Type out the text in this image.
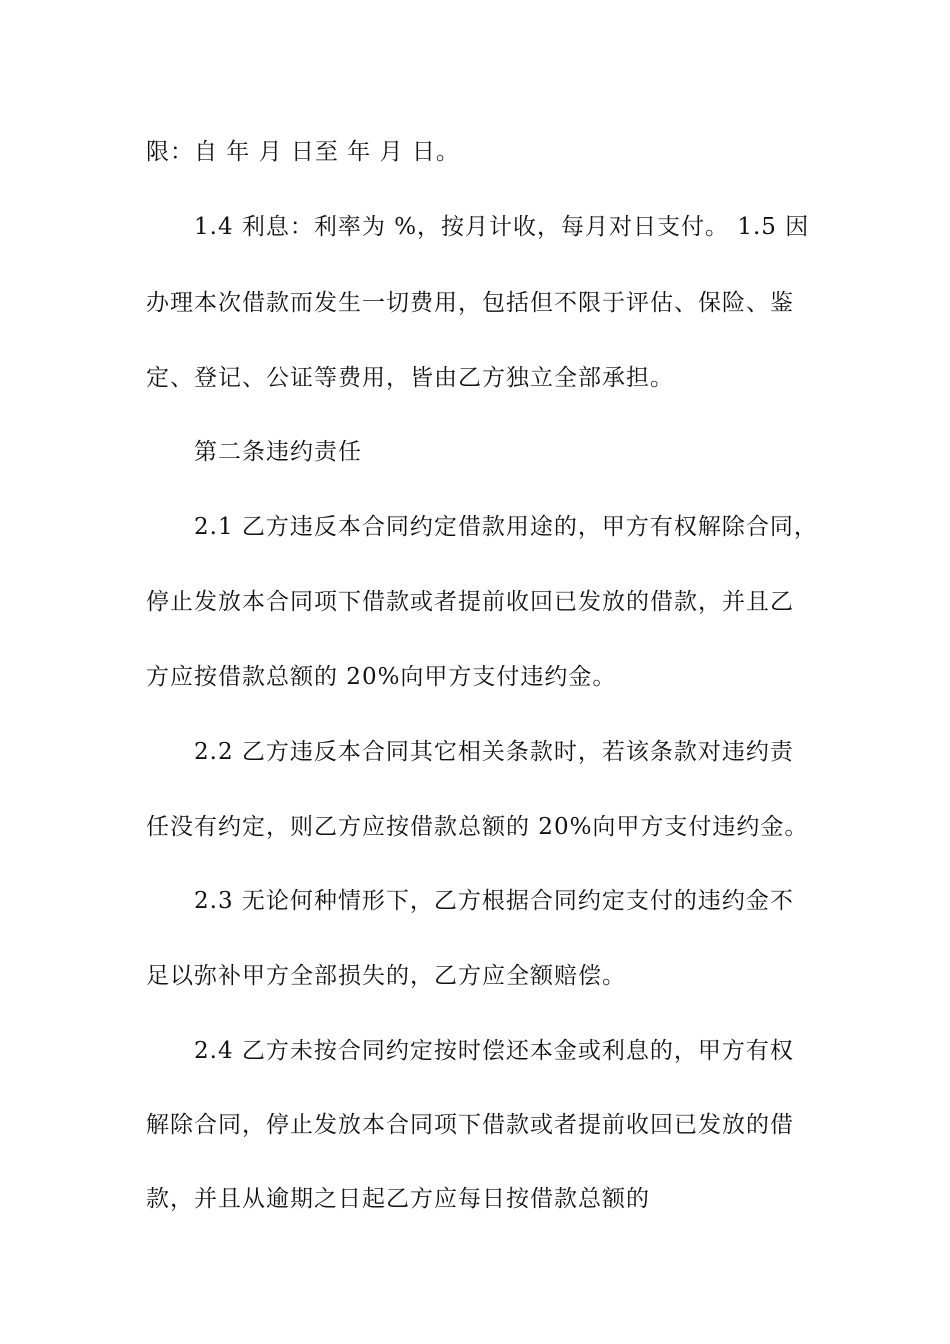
限：自 年 月 日至 年 月 日。
1.4 利息：利率为 %，按月计收，每月对日支付。 1.5 因
办理本次借款而发生一切费用，包括但不限于评估、保险、鉴
定、登记、公证等费用，皆由乙方独立全部承担。
第二条违约责任
2.1 乙方违反本合同约定借款用途的，甲方有权解除合同，
停止发放本合同项下借款或者提前收回已发放的借款，并且乙
方应按借款总额的 20%向甲方支付违约金。
2.2 乙方违反本合同其它相关条款时，若该条款对违约责
任没有约定，则乙方应按借款总额的 20%向甲方支付违约金。
2.3 无论何种情形下，乙方根据合同约定支付的违约金不
足以弥补甲方全部损失的，乙方应全额赔偿。
2.4 乙方未按合同约定按时偿还本金或利息的，甲方有权
解除合同，停止发放本合同项下借款或者提前收回已发放的借
款，并且从逾期之日起乙方应每日按借款总额的
